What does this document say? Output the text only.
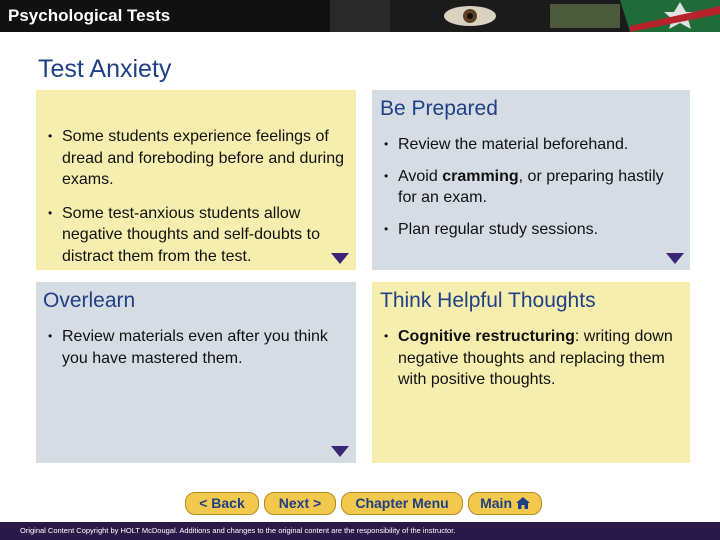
Psychological Tests
Test Anxiety
• Some students experience feelings of dread and foreboding before and during exams.
• Some test-anxious students allow negative thoughts and self-doubts to distract them from the test.
Be Prepared
• Review the material beforehand.
• Avoid cramming, or preparing hastily for an exam.
• Plan regular study sessions.
Overlearn
• Review materials even after you think you have mastered them.
Think Helpful Thoughts
• Cognitive restructuring: writing down negative thoughts and replacing them with positive thoughts.
< Back	Next >	Chapter Menu	Main
Original Content Copyright by HOLT McDougal. Additions and changes to the original content are the responsibility of the instructor.
